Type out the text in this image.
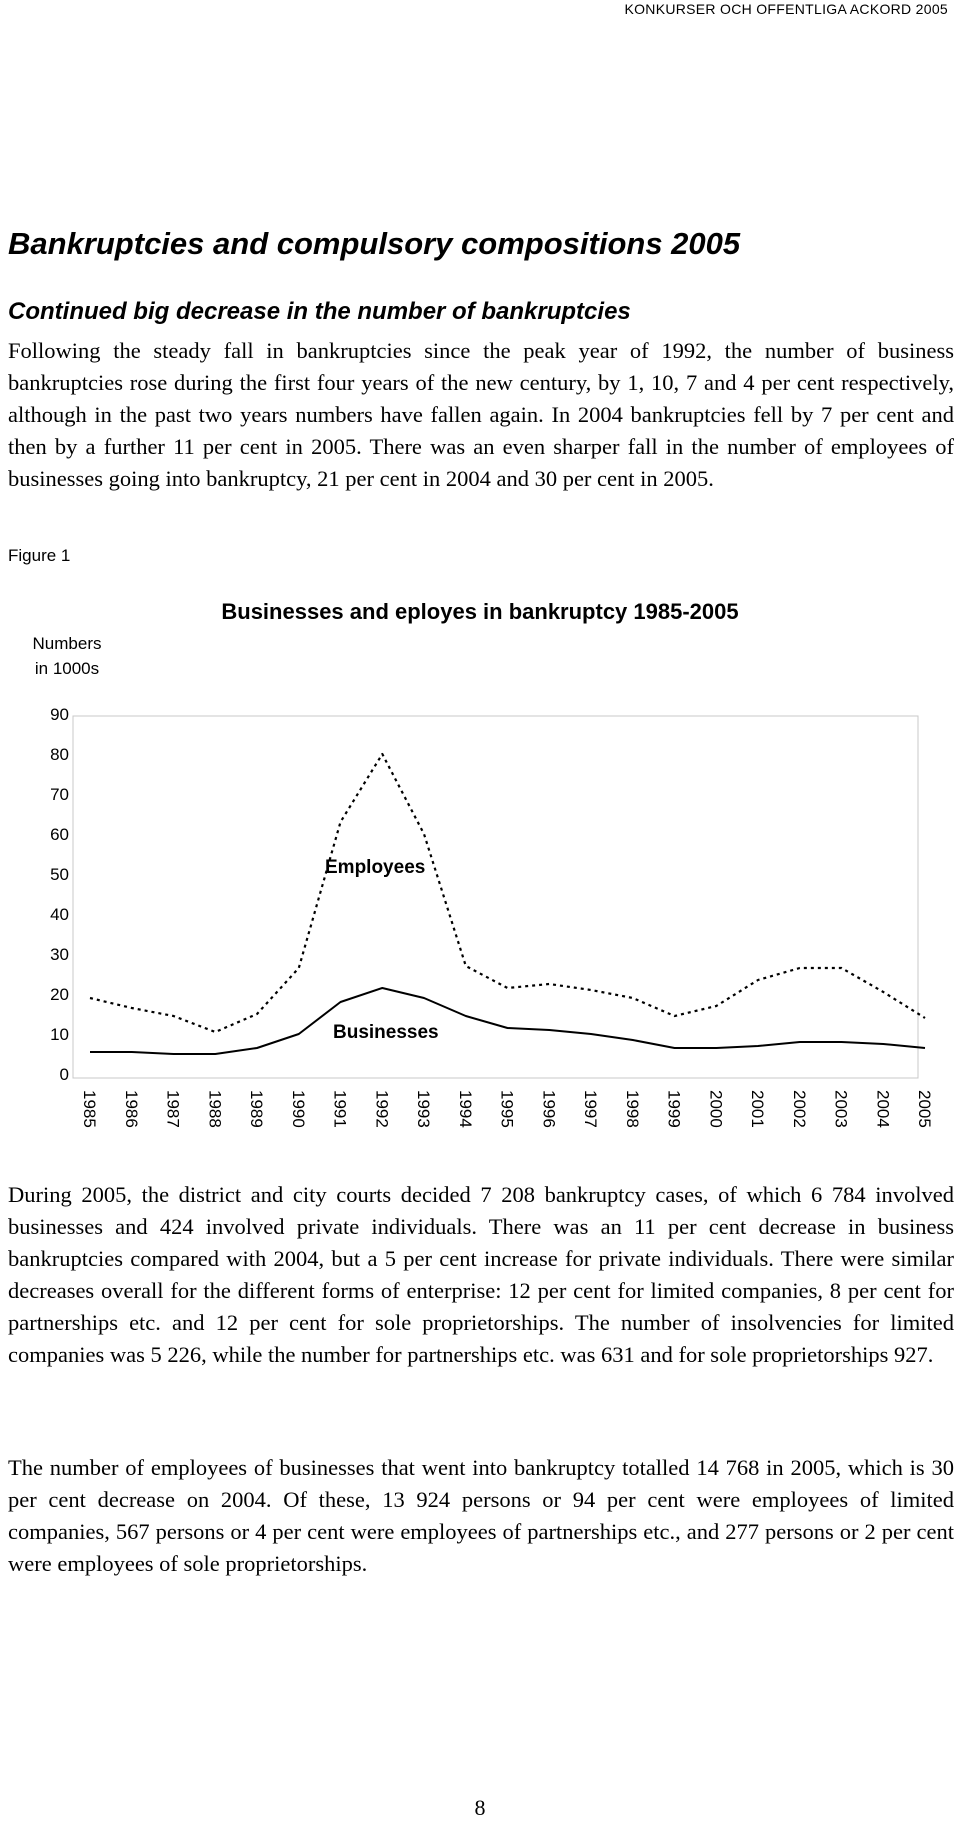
KONKURSER OCH OFFENTLIGA ACKORD 2005
Bankruptcies and compulsory compositions 2005
Continued big decrease in the number of bankruptcies

Following the steady fall in bankruptcies since the peak year of 1992, the number of business bankruptcies rose during the first four years of the new century, by 1, 10, 7 and 4 per cent respectively, although in the past two years numbers have fallen again. In 2004 bankruptcies fell by 7 per cent and then by a further 11 per cent in 2005. There was an even sharper fall in the number of employees of businesses going into bankruptcy, 21 per cent in 2004 and 30 per cent in 2005.

Figure 1
Businesses and eployes in bankruptcy 1985-2005
Numbers
in 1000s
0
10
20
30
40
50
60
70
80
90
1985 1986 1987 1988 1989 1990 1991 1992 1993 1994 1995 1996 1997 1998 1999 2000 2001 2002 2003 2004 2005
Employees
Businesses

During 2005, the district and city courts decided 7 208 bankruptcy cases, of which 6 784 involved businesses and 424 involved private individuals. There was an 11 per cent decrease in business bankruptcies compared with 2004, but a 5 per cent increase for private individuals. There were similar decreases overall for the different forms of enterprise: 12 per cent for limited companies, 8 per cent for partnerships etc. and 12 per cent for sole proprietorships. The number of insolvencies for limited companies was 5 226, while the number for partnerships etc. was 631 and for sole proprietorships 927.

The number of employees of businesses that went into bankruptcy totalled 14 768 in 2005, which is 30 per cent decrease on 2004. Of these, 13 924 persons or 94 per cent were employees of limited companies, 567 persons or 4 per cent were employees of partnerships etc., and 277 persons or 2 per cent were employees of sole proprietorships.

8
